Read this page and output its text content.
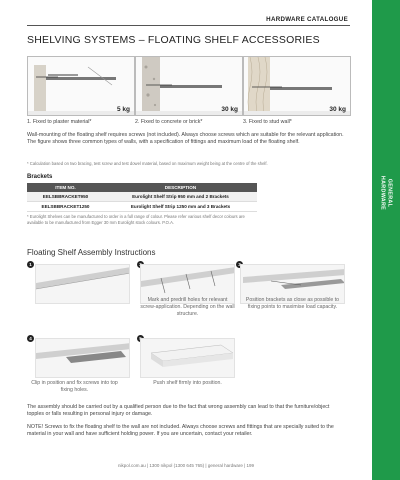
HARDWARE CATALOGUE
GENERAL
HARDWARE
SHELVING SYSTEMS – FLOATING SHELF ACCESSORIES
5 kg
1. Fixed to plaster material*
30 kg
2. Fixed to concrete or brick*
30 kg
3. Fixed to stud wall*
Wall-mounting of the floating shelf requires screws (not included). Always choose screws which are suitable for the relevant application. The figure shows three common types of walls, with a specification of fittings and maximum load of the floating shelf.
* Calculation based on two bracing, test screw and test dowel material, based on maximum weight being at the centre of the shelf.
Brackets
ITEM NO.	DESCRIPTION
EELSBBRACKET950	Eurolight Shelf Strip 950 mm and 2 Brackets
EELSBBRACKET1250	Eurolight Shelf Strip 1250 mm and 3 Brackets
* Eurolight Shelves can be manufactured to order in a full range of colour. Please refer various shelf decor colours are available to be manufactured from Egger 30 mm Eurolight stock colours. P.O.A.
Floating Shelf Assembly Instructions
1
Mark and predrill holes for relevant screw-application. Depending on the wall structure.
Position brackets as close as possible to fixing points to maximise load capacity.
4
Clip in position and fix screws into top fixing holes.
Push shelf firmly into position.
The assembly should be carried out by a qualified person due to the fact that wrong assembly can lead to that the furniture/object topples or falls resulting in personal injury or damage.
NOTE! Screws to fix the floating shelf to the wall are not included. Always choose screws and fittings that are specially suited to the material in your wall and have sufficient holding power. If you are uncertain, contact your retailer.
nikpol.com.au | 1300 nikpol (1300 645 765) | general hardware | 199
